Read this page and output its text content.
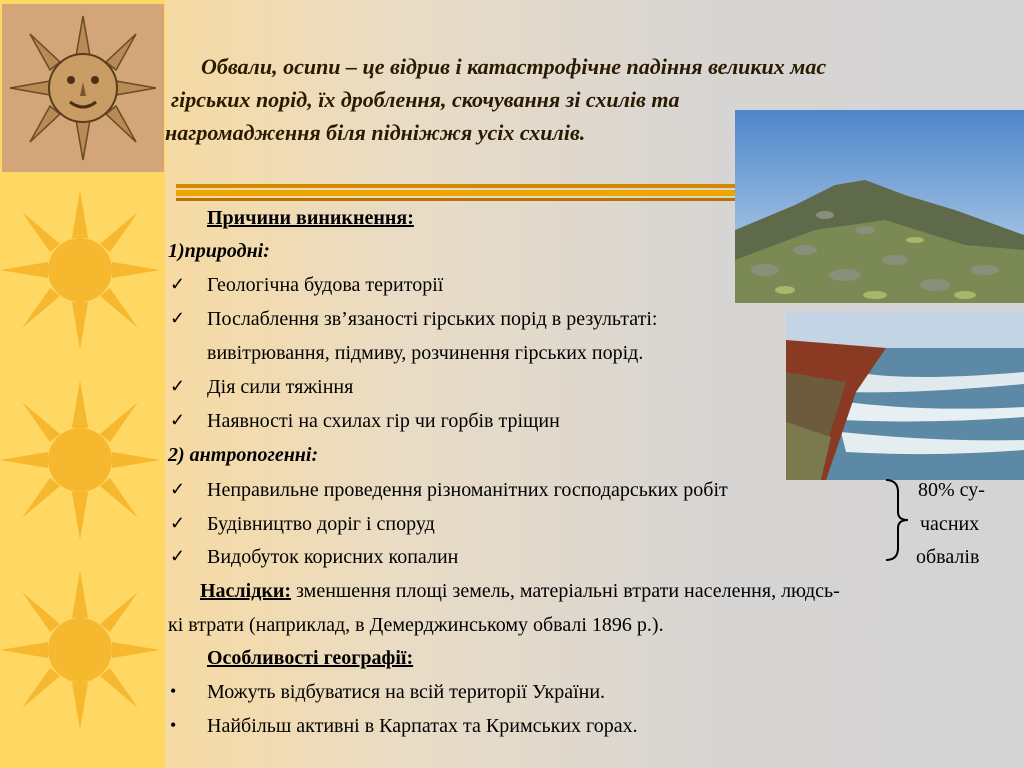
Обвали, осипи – це відрив і катастрофічне падіння великих мас
гірських порід, їх дроблення, скочування зі схилів та
нагромадження біля підніжжя усіх схилів.
Причини виникнення:
1)природні:
✓ Геологічна будова території
✓ Послаблення зв’язаності гірських порід в результаті:
вивітрювання, підмиву, розчинення гірських порід.
✓ Дія сили тяжіння
✓ Наявності на схилах гір чи горбів тріщин
2) антропогенні:
✓ Неправильне проведення різноманітних господарських робіт
✓ Будівництво доріг і споруд
✓ Видобуток корисних копалин
80% су-
часних
обвалів
Наслідки: зменшення площі земель, матеріальні втрати населення, людсь-
кі втрати (наприклад, в Демерджинському обвалі 1896 р.).
Особливості географії:
• Можуть відбуватися на всій території України.
• Найбільш активні в Карпатах та Кримських горах.
